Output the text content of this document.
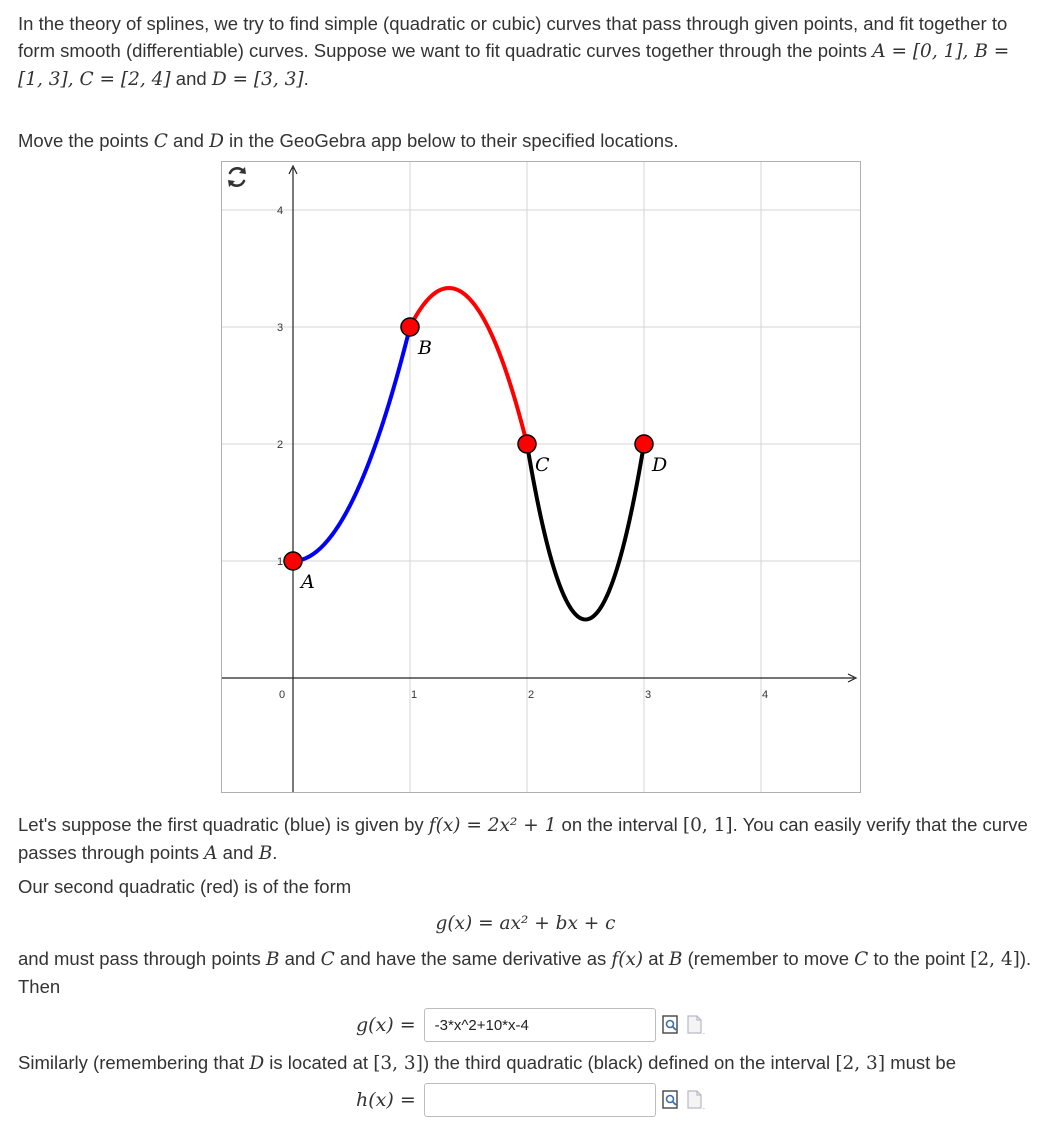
In the theory of splines, we try to find simple (quadratic or cubic) curves that pass through given points, and fit together to form smooth (differentiable) curves. Suppose we want to fit quadratic curves together through the points A = [0, 1], B = [1, 3], C = [2, 4] and D = [3, 3].

Move the points C and D in the GeoGebra app below to their specified locations.

0	1	2	3	4
1
2
3
4
A
B
C	D

Let's suppose the first quadratic (blue) is given by f(x) = 2x² + 1 on the interval [0, 1]. You can easily verify that the curve passes through points A and B.

Our second quadratic (red) is of the form

g(x) = ax² + bx + c

and must pass through points B and C and have the same derivative as f(x) at B (remember to move C to the point [2, 4]). Then

g(x) =
-3*x^2+10*x-4	.

Similarly (remembering that D is located at [3, 3]) the third quadratic (black) defined on the interval [2, 3] must be

h(x) =	.
